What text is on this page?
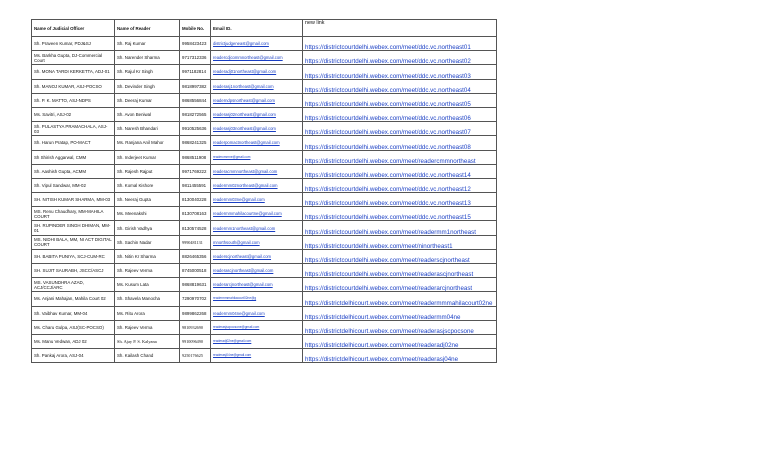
Name of Judicial Officer	Name of Reader	Mobile No.	Email ID.	new link
Sh. Praveen Kumar, PDJ&SJ	Sh. Raj Kumar	9958423423	districtjudgeneast@gmail.com	https://districtcourtdelhi.webex.com/meet/ddc.vc.northeast01
Ms. Barkha Gupta, DJ-Commercial Court	Sh. Narender Sharma	9717312336	readercdjcommnortheast@gmail.com	https://districtcourtdelhi.webex.com/meet/ddc.vc.northeast02
Sh. MONA TARDI KERKETTA, ADJ-01	Sh. Rajul Kr Singh	9971182814	readeradj01northeast@gmail.com	https://districtcourtdelhi.webex.com/meet/ddc.vc.northeast03
Sh. MANOJ KUMAR, ASJ-POCSO	Sh. Devinder Singh	9818997382	readerasj1northeast@gmail.com	https://districtcourtdelhi.webex.com/meet/ddc.vc.northeast04
Sh. P. K. MATTO, ASJ-NDPS	Sh. Deeraj Kumar	9868556844	readerndpsnortheast@gmail.com	https://districtcourtdelhi.webex.com/meet/ddc.vc.northeast05
Ms. Savitri, ASJ-02	Sh. Avon Beniwal	9818272565	readerasj02northeast@gmail.com	https://districtcourtdelhi.webex.com/meet/ddc.vc.northeast06
Sh. PULASTYA PRAMACHALA, ASJ-03	Sh. Naresh Bhandari	9910525636	readerasj03northeast@gmail.com	https://districtcourtdelhi.webex.com/meet/ddc.vc.northeast07
Sh. Harun Pratap, PO-MACT	Ms. Ranjana Anil Mahor	9868241325	readerpomactnortheast@gmail.com	https://districtcourtdelhi.webex.com/meet/ddc.vc.northeast08
Sh Shirish Aggarwal, CMM	Sh. Inderjeet Kumar	9868511908	readercmmne@gmail.com	https://districtcourtdelhi.webex.com/meet/readercmmnortheast
Sh. Aashish Gupta, ACMM	Sh. Rajesh Rajput	9971769222	readeracmmnortheast@gmail.com	https://districtcourtdelhi.webex.com/meet/ddc.vc.northeast14
Sh. Vipul Sandwar, MM-02	Sh. Komal Kishore	9811455591	readermm02northeast@gmail.com	https://districtcourtdelhi.webex.com/meet/ddc.vc.northeast12
SH. NITISH KUMAR SHARMA, MM-03	Sh. Neeraj Gupta	8130040228	readermm03ne@gmail.com	https://districtcourtdelhi.webex.com/meet/ddc.vc.northeast13
MS. Renu Chaudhary, MM-MAHILA COURT	Ms. Meenakshi	8130708163	readermmmahilacourtne@gmail.com	https://districtcourtdelhi.webex.com/meet/ddc.vc.northeast15
SH. RUPINDER SINGH DHIMAN, MM-01	Sh. Girish Vadhya	8130574528	readermm1northeast@gmail.com	https://districtcourtdelhi.webex.com/meet/readermm1northeast
MS. NIDHI BALA, MM, NI ACT DIGITAL COURT	Sh. Sachin Nadar	9990481131	mnorthsouth@gmail.com	https://districtcourtdelhi.webex.com/meet/ninortheast1
SH. BABITA PUNIYA, SCJ-CUM-RC	Sh. Nitin Kr Sharma	8826465356	readerscjnortheast@gmail.com	https://districtcourtdelhi.webex.com/meet/readerscjnortheast
SH. SUJIT SAURABH, JSCC/ASCJ	Sh. Rajeev Verma	8745000518	readerascjnortheast@gmail.com	https://districtcourtdelhi.webex.com/meet/readerascjnortheast
MS. VASUNDHRA AZAD, ACJ/CCJ/ARC	Ms. Kusum Lata	9868819631	readerarcjnortheast@gmail.com	https://districtcourtdelhi.webex.com/meet/readerarcjnortheast
Ms. Anjani Mahajan, Mahila Court 02	Sh. Shavela Manocha	7290970702	readermmmahilacourt02ne@g	https://districtdelhicourt.webex.com/meet/readermmmahilacourt02ne
Sh. Vaibhav Kumar, MM-04	Ms. Ritu Arora	9899862268	readermm04ne@gmail.com	https://districtdelhicourt.webex.com/meet/readermm04ne
Ms. Charu Gulpa, ASJ(SC-POCSO)	Sh. Rajeev Verma	9810932690	readerasjscpocsone@gmail.com	https://districtdelhicourt.webex.com/meet/readerasjscpocsone
Ms. Manu Vedwan, ADJ 02	Sh. Ajay P. S. Kalyana	9910096490	readeradj02ne@gmail.com	https://districtdelhicourt.webex.com/meet/readeradj02ne
Sh. Pankaj Arora, ASJ-04	Sh. Kailash Chand	9250176625	readerasj04ne@gmail.com	https://districtdelhicourt.webex.com/meet/readerasj04ne
